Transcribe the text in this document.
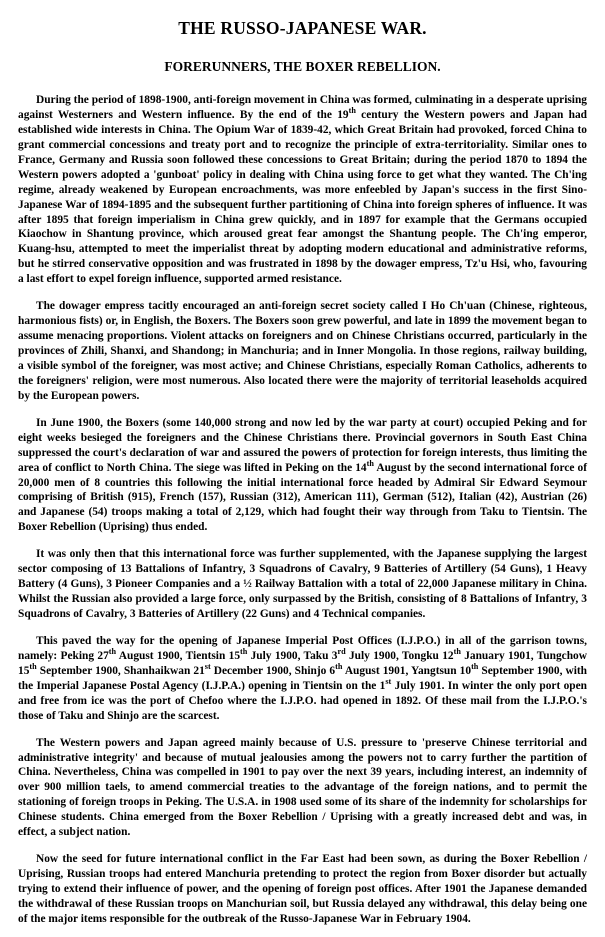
THE RUSSO-JAPANESE WAR.
FORERUNNERS, THE BOXER REBELLION.

During the period of 1898-1900, anti-foreign movement in China was formed, culminating in a desperate uprising against Westerners and Western influence. By the end of the 19th century the Western powers and Japan had established wide interests in China. The Opium War of 1839-42, which Great Britain had provoked, forced China to grant commercial concessions and treaty port and to recognize the principle of extra-territoriality. Similar ones to France, Germany and Russia soon followed these concessions to Great Britain; during the period 1870 to 1894 the Western powers adopted a 'gunboat' policy in dealing with China using force to get what they wanted. The Ch'ing regime, already weakened by European encroachments, was more enfeebled by Japan's success in the first Sino-Japanese War of 1894-1895 and the subsequent further partitioning of China into foreign spheres of influence. It was after 1895 that foreign imperialism in China grew quickly, and in 1897 for example that the Germans occupied Kiaochow in Shantung province, which aroused great fear amongst the Shantung people. The Ch'ing emperor, Kuang-hsu, attempted to meet the imperialist threat by adopting modern educational and administrative reforms, but he stirred conservative opposition and was frustrated in 1898 by the dowager empress, Tz'u Hsi, who, favouring a last effort to expel foreign influence, supported armed resistance.

The dowager empress tacitly encouraged an anti-foreign secret society called I Ho Ch'uan (Chinese, righteous, harmonious fists) or, in English, the Boxers. The Boxers soon grew powerful, and late in 1899 the movement began to assume menacing proportions. Violent attacks on foreigners and on Chinese Christians occurred, particularly in the provinces of Zhili, Shanxi, and Shandong; in Manchuria; and in Inner Mongolia. In those regions, railway building, a visible symbol of the foreigner, was most active; and Chinese Christians, especially Roman Catholics, adherents to the foreigners' religion, were most numerous. Also located there were the majority of territorial leaseholds acquired by the European powers.

In June 1900, the Boxers (some 140,000 strong and now led by the war party at court) occupied Peking and for eight weeks besieged the foreigners and the Chinese Christians there. Provincial governors in South East China suppressed the court's declaration of war and assured the powers of protection for foreign interests, thus limiting the area of conflict to North China. The siege was lifted in Peking on the 14th August by the second international force of 20,000 men of 8 countries this following the initial international force headed by Admiral Sir Edward Seymour comprising of British (915), French (157), Russian (312), American 111), German (512), Italian (42), Austrian (26) and Japanese (54) troops making a total of 2,129, which had fought their way through from Taku to Tientsin. The Boxer Rebellion (Uprising) thus ended.

It was only then that this international force was further supplemented, with the Japanese supplying the largest sector composing of 13 Battalions of Infantry, 3 Squadrons of Cavalry, 9 Batteries of Artillery (54 Guns), 1 Heavy Battery (4 Guns), 3 Pioneer Companies and a ½ Railway Battalion with a total of 22,000 Japanese military in China. Whilst the Russian also provided a large force, only surpassed by the British, consisting of 8 Battalions of Infantry, 3 Squadrons of Cavalry, 3 Batteries of Artillery (22 Guns) and 4 Technical companies.

This paved the way for the opening of Japanese Imperial Post Offices (I.J.P.O.) in all of the garrison towns, namely: Peking 27th August 1900, Tientsin 15th July 1900, Taku 3rd July 1900, Tongku 12th January 1901, Tungchow 15th September 1900, Shanhaikwan 21st December 1900, Shinjo 6th August 1901, Yangtsun 10th September 1900, with the Imperial Japanese Postal Agency (I.J.P.A.) opening in Tientsin on the 1st July 1901. In winter the only port open and free from ice was the port of Chefoo where the I.J.P.O. had opened in 1892. Of these mail from the I.J.P.O.'s those of Taku and Shinjo are the scarcest.

The Western powers and Japan agreed mainly because of U.S. pressure to 'preserve Chinese territorial and administrative integrity' and because of mutual jealousies among the powers not to carry further the partition of China. Nevertheless, China was compelled in 1901 to pay over the next 39 years, including interest, an indemnity of over 900 million taels, to amend commercial treaties to the advantage of the foreign nations, and to permit the stationing of foreign troops in Peking. The U.S.A. in 1908 used some of its share of the indemnity for scholarships for Chinese students. China emerged from the Boxer Rebellion / Uprising with a greatly increased debt and was, in effect, a subject nation.

Now the seed for future international conflict in the Far East had been sown, as during the Boxer Rebellion / Uprising, Russian troops had entered Manchuria pretending to protect the region from Boxer disorder but actually trying to extend their influence of power, and the opening of foreign post offices. After 1901 the Japanese demanded the withdrawal of these Russian troops on Manchurian soil, but Russia delayed any withdrawal, this delay being one of the major items responsible for the outbreak of the Russo-Japanese War in February 1904.
